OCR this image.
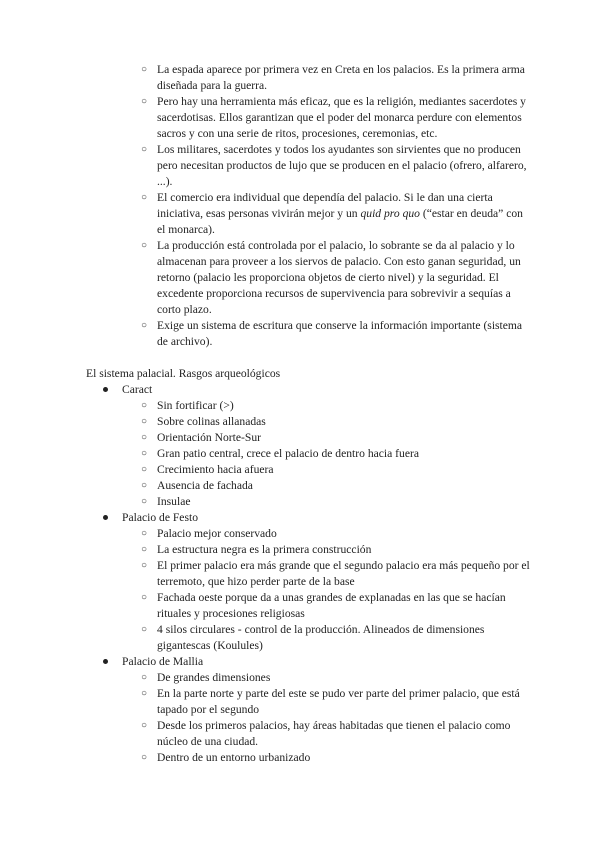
○ La espada aparece por primera vez en Creta en los palacios. Es la primera arma diseñada para la guerra.
○ Pero hay una herramienta más eficaz, que es la religión, mediantes sacerdotes y sacerdotisas. Ellos garantizan que el poder del monarca perdure con elementos sacros y con una serie de ritos, procesiones, ceremonias, etc.
○ Los militares, sacerdotes y todos los ayudantes son sirvientes que no producen pero necesitan productos de lujo que se producen en el palacio (ofrero, alfarero, ...).
○ El comercio era individual que dependía del palacio. Si le dan una cierta iniciativa, esas personas vivirán mejor y un quid pro quo (“estar en deuda” con el monarca).
○ La producción está controlada por el palacio, lo sobrante se da al palacio y lo almacenan para proveer a los siervos de palacio. Con esto ganan seguridad, un retorno (palacio les proporciona objetos de cierto nivel) y la seguridad. El excedente proporciona recursos de supervivencia para sobrevivir a sequías a corto plazo.
○ Exige un sistema de escritura que conserve la información importante (sistema de archivo).
El sistema palacial. Rasgos arqueológicos
Caract
○ Sin fortificar (>)
○ Sobre colinas allanadas
○ Orientación Norte-Sur
○ Gran patio central, crece el palacio de dentro hacia fuera
○ Crecimiento hacia afuera
○ Ausencia de fachada
○ Insulae
Palacio de Festo
○ Palacio mejor conservado
○ La estructura negra es la primera construcción
○ El primer palacio era más grande que el segundo palacio era más pequeño por el terremoto, que hizo perder parte de la base
○ Fachada oeste porque da a unas grandes de explanadas en las que se hacían rituales y procesiones religiosas
○ 4 silos circulares - control de la producción. Alineados de dimensiones gigantescas (Koulules)
Palacio de Mallia
○ De grandes dimensiones
○ En la parte norte y parte del este se pudo ver parte del primer palacio, que está tapado por el segundo
○ Desde los primeros palacios, hay áreas habitadas que tienen el palacio como núcleo de una ciudad.
○ Dentro de un entorno urbanizado
